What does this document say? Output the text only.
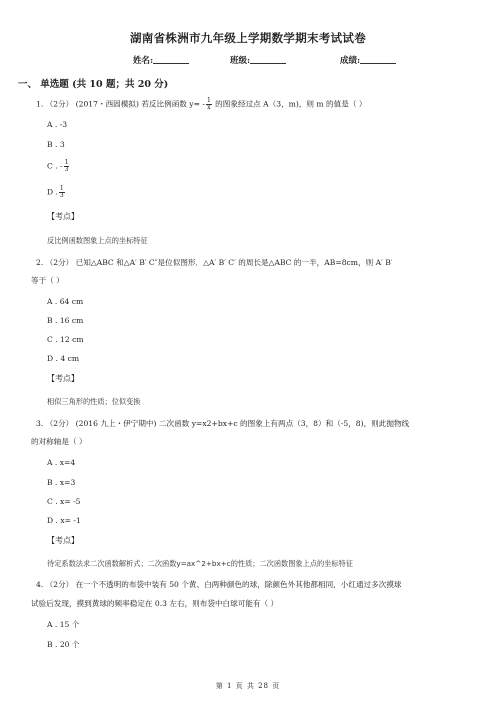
湖南省株洲市九年级上学期数学期末考试试卷
姓名:	班级:	成绩:
一、 单选题 (共 10 题；共 20 分)
1. （2分） (2017・西固模拟) 若反比例函数 $y= - \frac{1}{x}$ 的图象经过点 A（3，m)，则 m 的值是（ ）
A . -3
B . 3
C . - $\frac{1}{3}$
D . $\frac{1}{3}$
【考点】
反比例函数图象上点的坐标特征
2. （2分） 已知△ABC 和△A′ B′ C″是位似图形．△A′ B′ C′ 的周长是△ABC 的一半，AB=8cm，则 A′ B′
等于（ ）
A . 64 cm
B . 16 cm
C . 12 cm
D . 4 cm
【考点】
相似三角形的性质；位似变换
3. （2分） (2016 九上・伊宁期中) 二次函数 y=x2+bx+c 的图象上有两点（3，8）和（-5，8)，则此抛物线
的对称轴是（ ）
A . x=4
B . x=3
C . x= -5
D . x= -1
【考点】
待定系数法求二次函数解析式；二次函数y=ax^2+bx+c的性质；二次函数图象上点的坐标特征
4. （2分） 在一个不透明的布袋中装有 50 个黄、白两种颜色的球，除颜色外其他都相同，小红通过多次摸球
试验后发现，摸到黄球的频率稳定在 0.3 左右，则布袋中白球可能有（ ）
A . 15 个
B . 20 个
第 1 页 共 28 页
